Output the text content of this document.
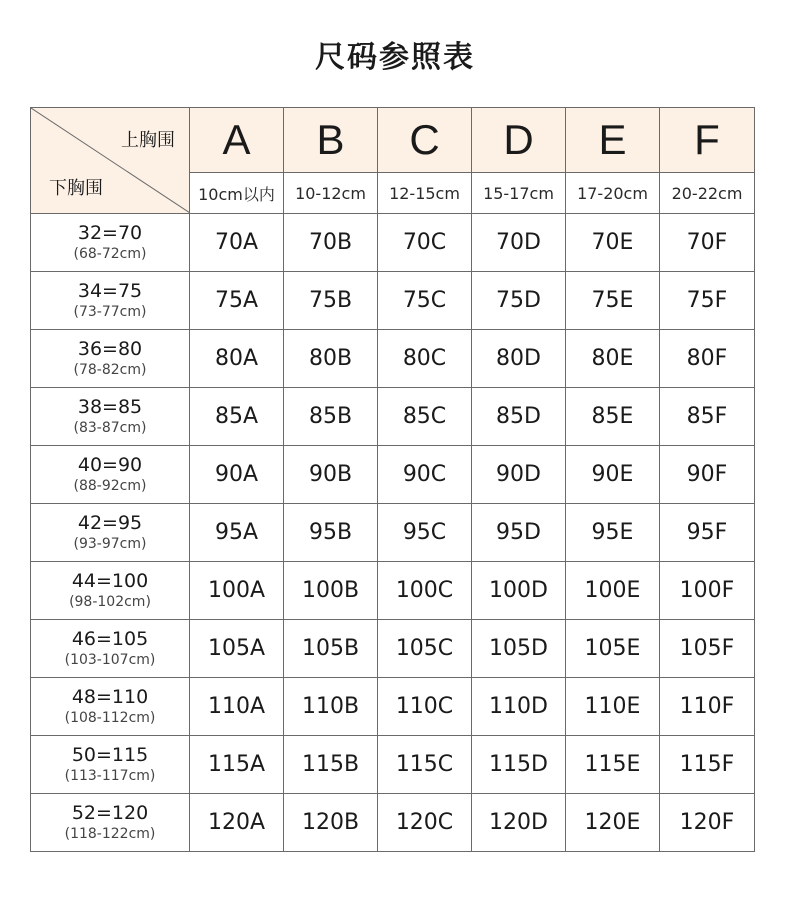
尺码参照表
上胸围
下胸围	A	B	C	D	E	F
	10cm以内	10-12cm	12-15cm	15-17cm	17-20cm	20-22cm

32=70
(68-72cm)	70A	70B	70C	70D	70E	70F

34=75
(73-77cm)	75A	75B	75C	75D	75E	75F

36=80
(78-82cm)	80A	80B	80C	80D	80E	80F

38=85
(83-87cm)	85A	85B	85C	85D	85E	85F

40=90
(88-92cm)	90A	90B	90C	90D	90E	90F

42=95
(93-97cm)	95A	95B	95C	95D	95E	95F

44=100
(98-102cm)	100A	100B	100C	100D	100E	100F

46=105
(103-107cm)	105A	105B	105C	105D	105E	105F

48=110
(108-112cm)	110A	110B	110C	110D	110E	110F

50=115
(113-117cm)	115A	115B	115C	115D	115E	115F

52=120
(118-122cm)	120A	120B	120C	120D	120E	120F
